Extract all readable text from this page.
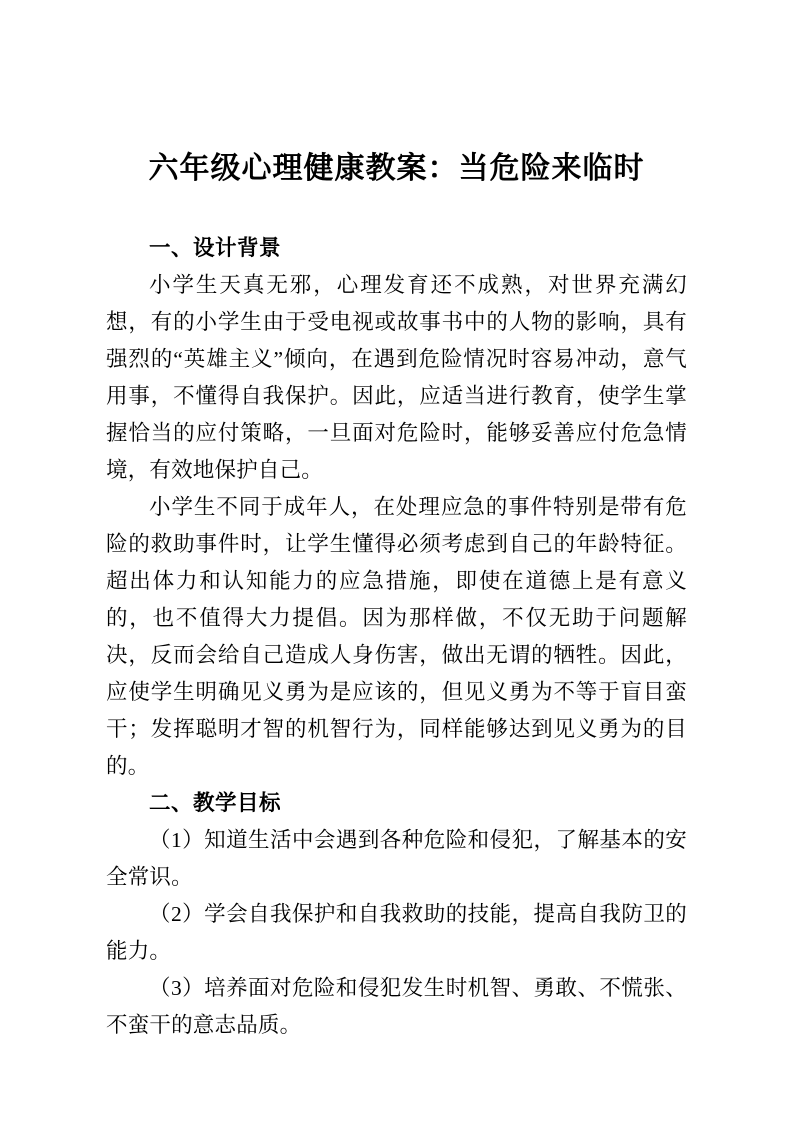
六年级心理健康教案：当危险来临时
一、设计背景

小学生天真无邪，心理发育还不成熟，对世界充满幻想，有的小学生由于受电视或故事书中的人物的影响，具有强烈的“英雄主义”倾向，在遇到危险情况时容易冲动，意气用事，不懂得自我保护。因此，应适当进行教育，使学生掌握恰当的应付策略，一旦面对危险时，能够妥善应付危急情境，有效地保护自己。

小学生不同于成年人，在处理应急的事件特别是带有危险的救助事件时，让学生懂得必须考虑到自己的年龄特征。超出体力和认知能力的应急措施，即使在道德上是有意义的，也不值得大力提倡。因为那样做，不仅无助于问题解决，反而会给自己造成人身伤害，做出无谓的牺牲。因此，应使学生明确见义勇为是应该的，但见义勇为不等于盲目蛮干；发挥聪明才智的机智行为，同样能够达到见义勇为的目的。

二、教学目标

（1）知道生活中会遇到各种危险和侵犯，了解基本的安全常识。

（2）学会自我保护和自我救助的技能，提高自我防卫的能力。

（3）培养面对危险和侵犯发生时机智、勇敢、不慌张、不蛮干的意志品质。
